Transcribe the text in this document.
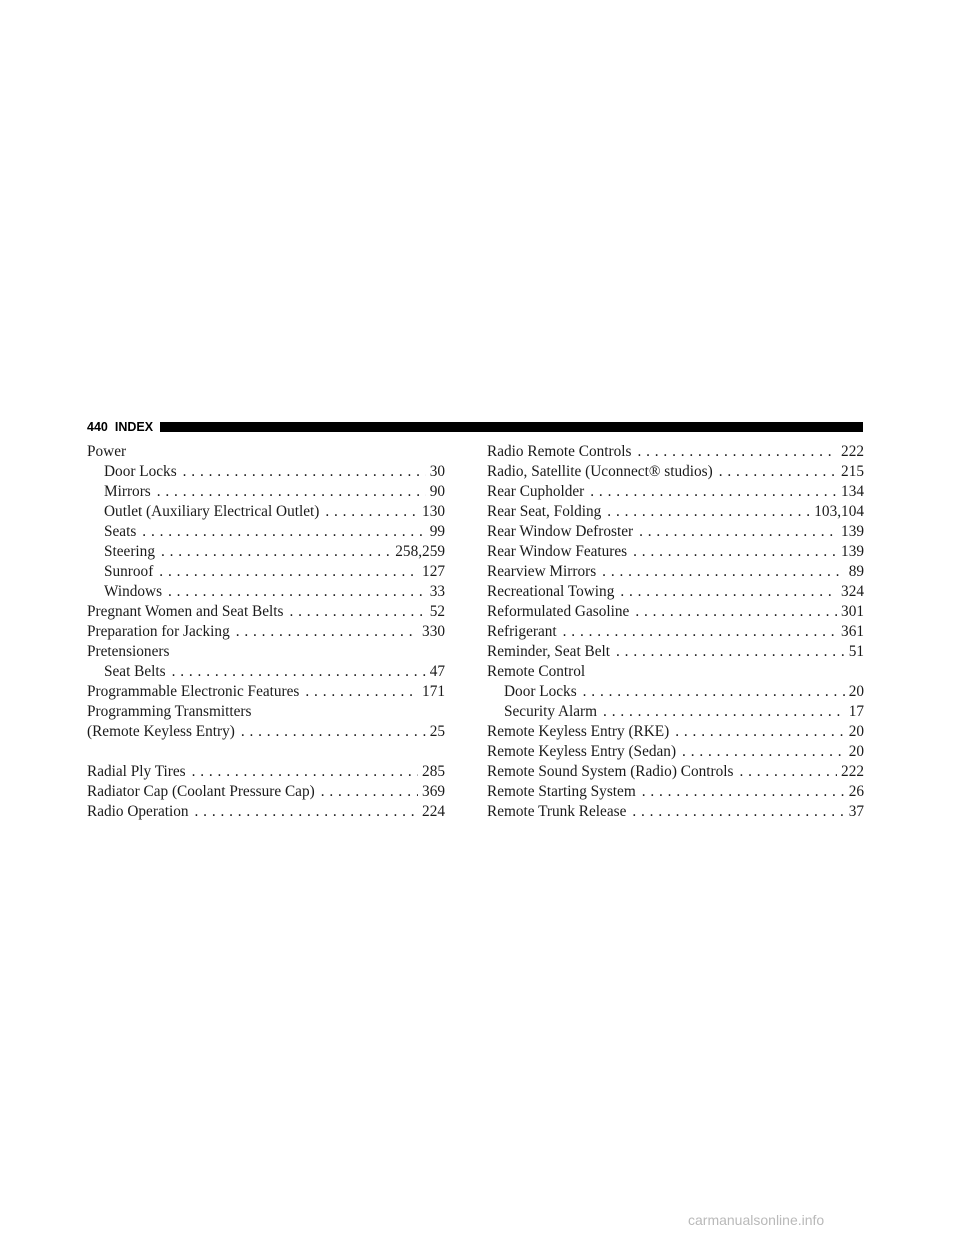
440 INDEX
Power
Door Locks . . .	30
Mirrors . . .	90
Outlet (Auxiliary Electrical Outlet) . . .	130
Seats . . .	99
Steering . . .	258,259
Sunroof . . .	127
Windows . . .	33
Pregnant Women and Seat Belts . . .	52
Preparation for Jacking . . .	330
Pretensioners
Seat Belts . . .	47
Programmable Electronic Features . . .	171
Programming Transmitters
(Remote Keyless Entry) . . .	25
Radial Ply Tires . . .	285
Radiator Cap (Coolant Pressure Cap) . . .	369
Radio Operation . . .	224
Radio Remote Controls . . .	222
Radio, Satellite (Uconnect® studios) . . .	215
Rear Cupholder . . .	134
Rear Seat, Folding . . .	103,104
Rear Window Defroster . . .	139
Rear Window Features . . .	139
Rearview Mirrors . . .	89
Recreational Towing . . .	324
Reformulated Gasoline . . .	301
Refrigerant . . .	361
Reminder, Seat Belt . . .	51
Remote Control
Door Locks . . .	20
Security Alarm . . .	17
Remote Keyless Entry (RKE) . . .	20
Remote Keyless Entry (Sedan) . . .	20
Remote Sound System (Radio) Controls . . .	222
Remote Starting System . . .	26
Remote Trunk Release . . .	37
carmanualsonline.info
